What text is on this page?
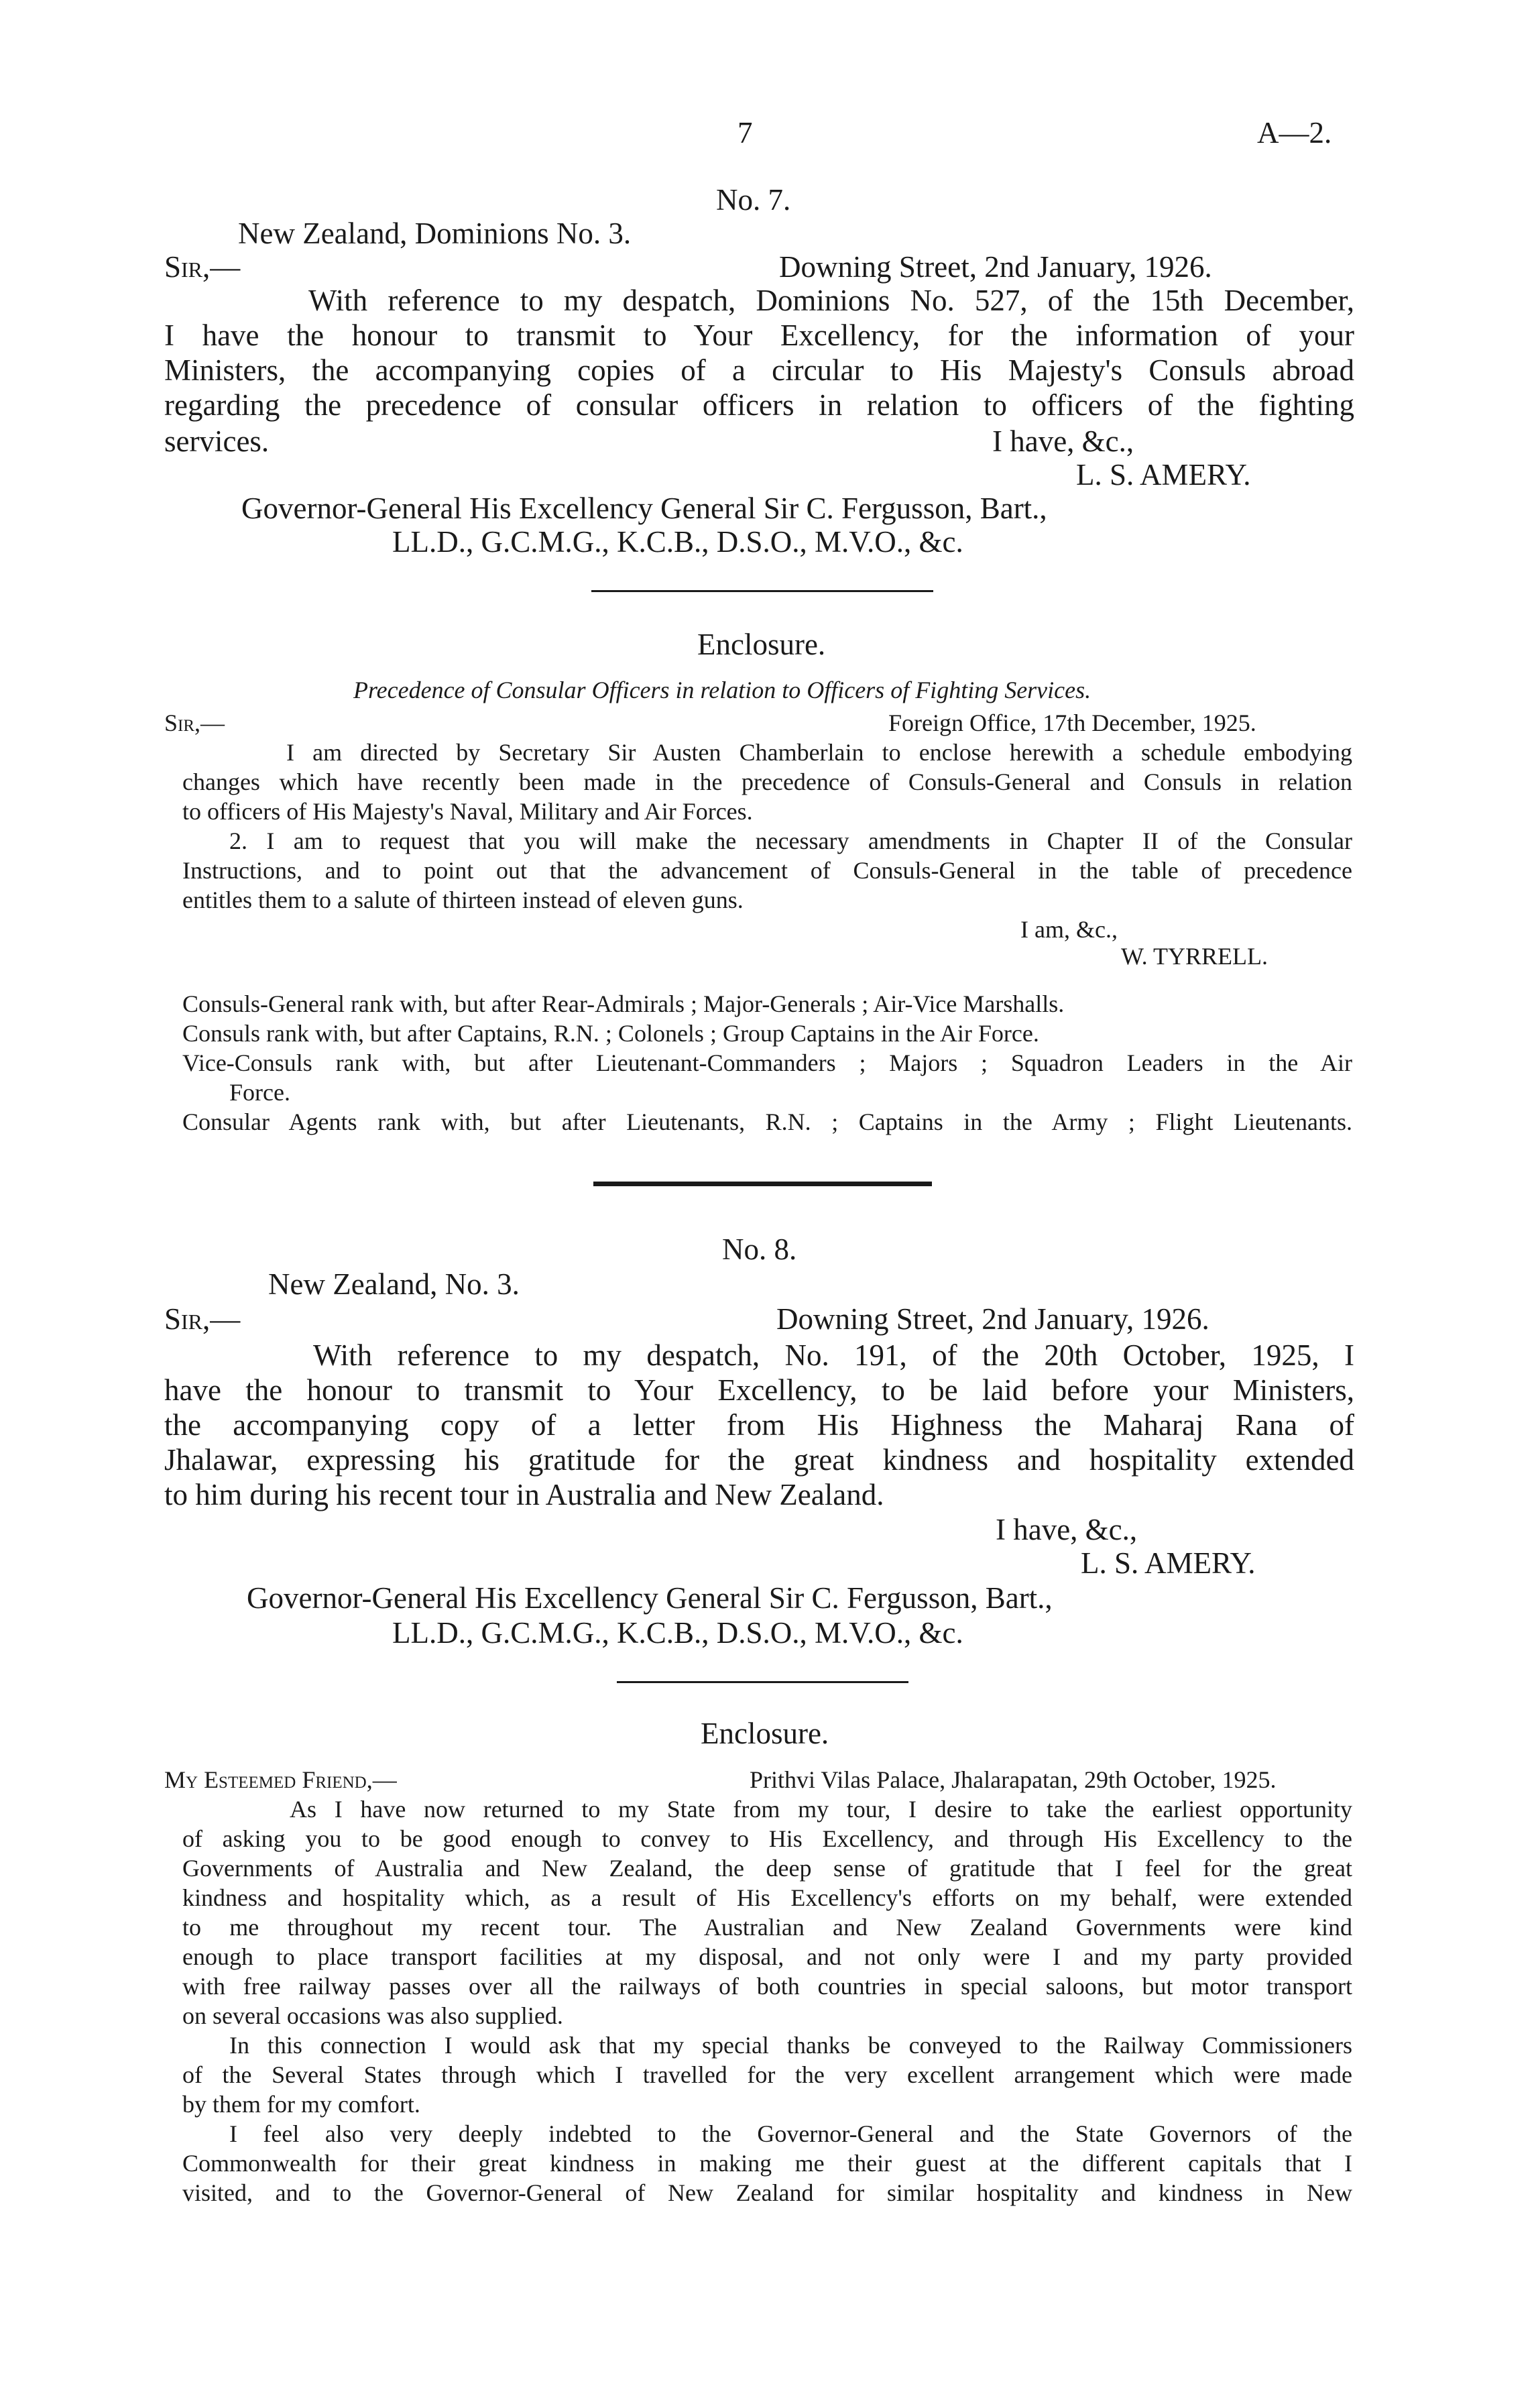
7	A—2.
No. 7.
New Zealand, Dominions No. 3.
Sir,—	Downing Street, 2nd January, 1926.
With reference to my despatch, Dominions No. 527, of the 15th December,
I have the honour to transmit to Your Excellency, for the information of your
Ministers, the accompanying copies of a circular to His Majesty's Consuls abroad
regarding the precedence of consular officers in relation to officers of the fighting
services.	I have, &c.,
L. S. AMERY.
Governor-General His Excellency General Sir C. Fergusson, Bart.,
LL.D., G.C.M.G., K.C.B., D.S.O., M.V.O., &c.
Enclosure.
Precedence of Consular Officers in relation to Officers of Fighting Services.
Sir,—	Foreign Office, 17th December, 1925.
I am directed by Secretary Sir Austen Chamberlain to enclose herewith a schedule embodying
changes which have recently been made in the precedence of Consuls-General and Consuls in relation
to officers of His Majesty's Naval, Military and Air Forces.
2. I am to request that you will make the necessary amendments in Chapter II of the Consular
Instructions, and to point out that the advancement of Consuls-General in the table of precedence
entitles them to a salute of thirteen instead of eleven guns.
I am, &c.,
W. TYRRELL.
Consuls-General rank with, but after Rear-Admirals ; Major-Generals ; Air-Vice Marshalls.
Consuls rank with, but after Captains, R.N. ; Colonels ; Group Captains in the Air Force.
Vice-Consuls rank with, but after Lieutenant-Commanders ; Majors ; Squadron Leaders in the Air
Force.
Consular Agents rank with, but after Lieutenants, R.N. ; Captains in the Army ; Flight Lieutenants.
No. 8.
New Zealand, No. 3.
Sir,—	Downing Street, 2nd January, 1926.
With reference to my despatch, No. 191, of the 20th October, 1925, I
have the honour to transmit to Your Excellency, to be laid before your Ministers,
the accompanying copy of a letter from His Highness the Maharaj Rana of
Jhalawar, expressing his gratitude for the great kindness and hospitality extended
to him during his recent tour in Australia and New Zealand.
I have, &c.,
L. S. AMERY.
Governor-General His Excellency General Sir C. Fergusson, Bart.,
LL.D., G.C.M.G., K.C.B., D.S.O., M.V.O., &c.
Enclosure.
My Esteemed Friend,—	Prithvi Vilas Palace, Jhalarapatan, 29th October, 1925.
As I have now returned to my State from my tour, I desire to take the earliest opportunity
of asking you to be good enough to convey to His Excellency, and through His Excellency to the
Governments of Australia and New Zealand, the deep sense of gratitude that I feel for the great
kindness and hospitality which, as a result of His Excellency's efforts on my behalf, were extended
to me throughout my recent tour. The Australian and New Zealand Governments were kind
enough to place transport facilities at my disposal, and not only were I and my party provided
with free railway passes over all the railways of both countries in special saloons, but motor transport
on several occasions was also supplied.
In this connection I would ask that my special thanks be conveyed to the Railway Commissioners
of the Several States through which I travelled for the very excellent arrangement which were made
by them for my comfort.
I feel also very deeply indebted to the Governor-General and the State Governors of the
Commonwealth for their great kindness in making me their guest at the different capitals that I
visited, and to the Governor-General of New Zealand for similar hospitality and kindness in New
